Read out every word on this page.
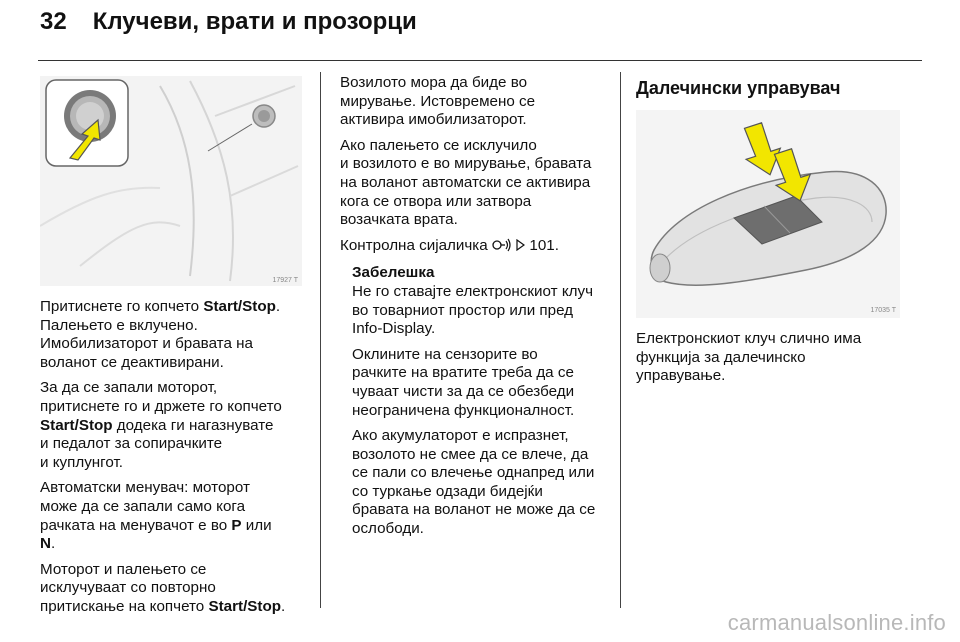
32 Клучеви, врати и прозорци
17927 T

Притиснете го копчето Start/Stop.
Палењето е вклучено.
Имобилизаторот и бравата на
воланот се деактивирани.

За да се запали моторот,
притиснете го и држете го копчето
Start/Stop додека ги нагазнувате
и педалот за сопирачките
и куплунгот.

Автоматски менувач: моторот
може да се запали само кога
рачката на менувачот е во P или
N.

Моторот и палењето се
исклучуваат со повторно
притискање на копчето Start/Stop.

Возилото мора да биде во
мирување. Истовремено се
активира имобилизаторот.

Ако палењето се исклучило
и возилото е во мирување, бравата
на воланот автоматски се активира
кога се отвора или затвора
возачката врата.

Контролна сијаличка   101.

Забелешка

Не го ставајте електронскиот клуч
во товарниот простор или пред
Info-Display.

Оклините на сензорите во
рачките на вратите треба да се
чуваат чисти за да се обезбеди
неограничена функционалност.

Ако акумулаторот е испразнет,
возолото не смее да се влече, да
се пали со влечење однапред или
со туркање одзади бидејќи
бравата на воланот не може да се
ослободи.

Далечински управувач
17035 T

Електронскиот клуч слично има
функција за далечинско
управување.

carmanualsonline.info
